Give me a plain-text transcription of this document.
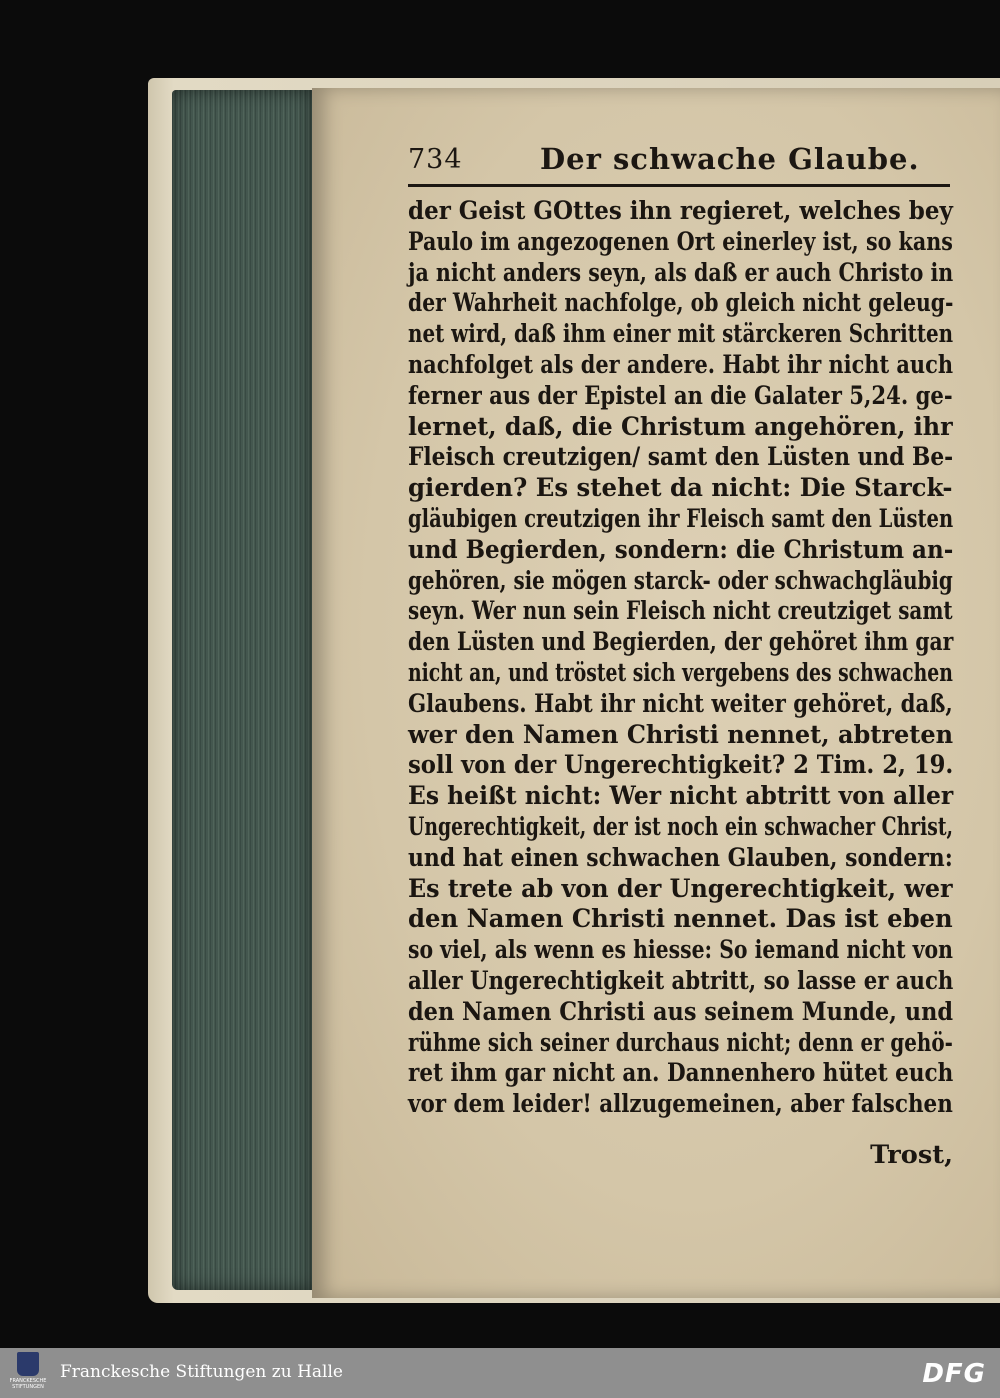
734	Der schwache Glaube.
der Geist GOttes ihn regieret, welches bey
Paulo im angezogenen Ort einerley ist, so kans
ja nicht anders seyn, als daß er auch Christo in
der Wahrheit nachfolge, ob gleich nicht geleug-
net wird, daß ihm einer mit stärckeren Schritten
nachfolget als der andere. Habt ihr nicht auch
ferner aus der Epistel an die Galater 5,24. ge-
lernet, daß, die Christum angehören, ihr
Fleisch creutzigen/ samt den Lüsten und Be-
gierden? Es stehet da nicht: Die Starck-
gläubigen creutzigen ihr Fleisch samt den Lüsten
und Begierden, sondern: die Christum an-
gehören, sie mögen starck- oder schwachgläubig
seyn. Wer nun sein Fleisch nicht creutziget samt
den Lüsten und Begierden, der gehöret ihm gar
nicht an, und tröstet sich vergebens des schwachen
Glaubens. Habt ihr nicht weiter gehöret, daß,
wer den Namen Christi nennet, abtreten
soll von der Ungerechtigkeit? 2 Tim. 2, 19.
Es heißt nicht: Wer nicht abtritt von aller
Ungerechtigkeit, der ist noch ein schwacher Christ,
und hat einen schwachen Glauben, sondern:
Es trete ab von der Ungerechtigkeit, wer
den Namen Christi nennet. Das ist eben
so viel, als wenn es hiesse: So iemand nicht von
aller Ungerechtigkeit abtritt, so lasse er auch
den Namen Christi aus seinem Munde, und
rühme sich seiner durchaus nicht; denn er gehö-
ret ihm gar nicht an. Dannenhero hütet euch
vor dem leider! allzugemeinen, aber falschen
Trost,
FRANCKESCHE STIFTUNGEN
Franckesche Stiftungen zu Halle	DFG
